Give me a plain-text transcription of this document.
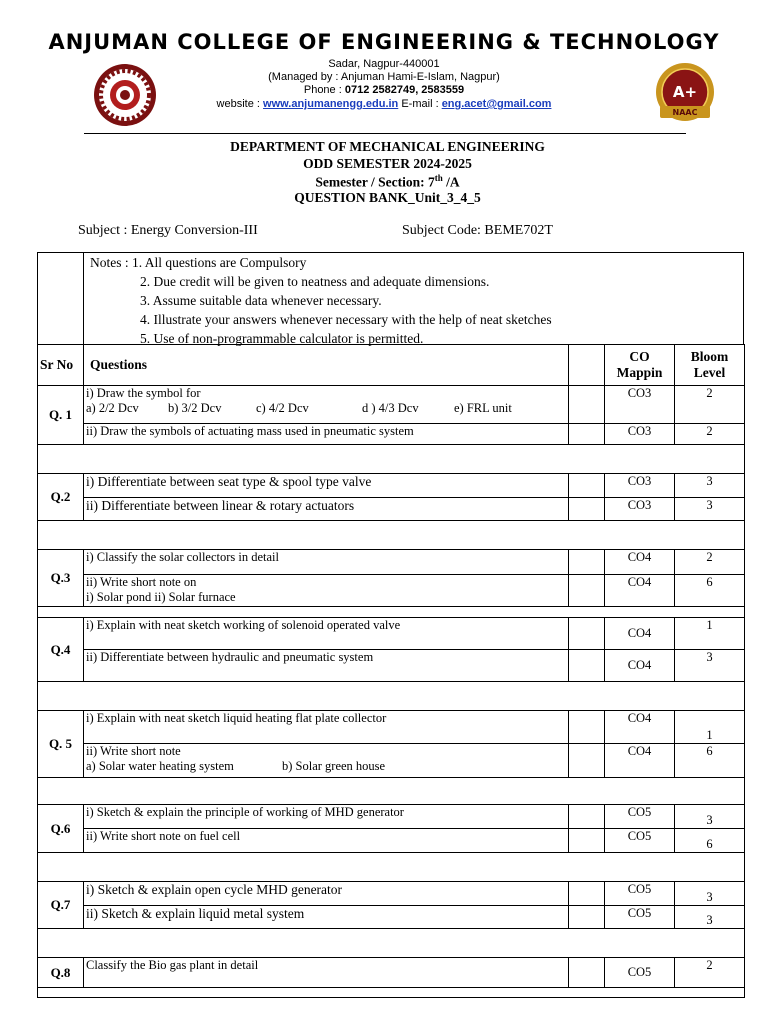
ANJUMAN COLLEGE OF ENGINEERING & TECHNOLOGY
Sadar, Nagpur-440001
(Managed by : Anjuman Hami-E-Islam, Nagpur)
Phone : 0712 2582749, 2583559
website : www.anjumanengg.edu.in E-mail : eng.acet@gmail.com
A+
NAAC
DEPARTMENT OF MECHANICAL ENGINEERING
ODD SEMESTER 2024-2025
Semester / Section: 7th /A
QUESTION BANK_Unit_3_4_5
Subject : Energy Conversion-III	Subject Code: BEME702T
Notes : 1. All questions are Compulsory
2. Due credit will be given to neatness and adequate dimensions.
3. Assume suitable data whenever necessary.
4. Illustrate your answers whenever necessary with the help of neat sketches
5. Use of non-programmable calculator is permitted.
Sr No	Questions		CO Mappin	Bloom Level
Q. 1	i) Draw the symbol for
a) 2/2 Dcv b) 3/2 Dcv c) 4/2 Dcv d ) 4/3 Dcv e) FRL unit		CO3	2
	ii) Draw the symbols of actuating mass used in pneumatic system		CO3	2

Q.2	i) Differentiate between seat type & spool type valve		CO3	3
	ii) Differentiate between linear & rotary actuators		CO3	3

Q.3	i) Classify the solar collectors in detail		CO4	2

	ii) Write short note on
i) Solar pond ii) Solar furnace		CO4	6

Q.4	i) Explain with neat sketch working of solenoid operated valve		CO4	1
	ii) Differentiate between hydraulic and pneumatic system		CO4	3

Q. 5	i) Explain with neat sketch liquid heating flat plate collector		CO4	1

	ii) Write short note
a) Solar water heating system b) Solar green house		CO4	6

Q.6	i) Sketch & explain the principle of working of MHD generator		CO5	3
	ii) Write short note on fuel cell		CO5	6

Q.7	i) Sketch & explain open cycle MHD generator		CO5	3
	ii) Sketch & explain liquid metal system		CO5	3

Q.8	Classify the Bio gas plant in detail		CO5	2
